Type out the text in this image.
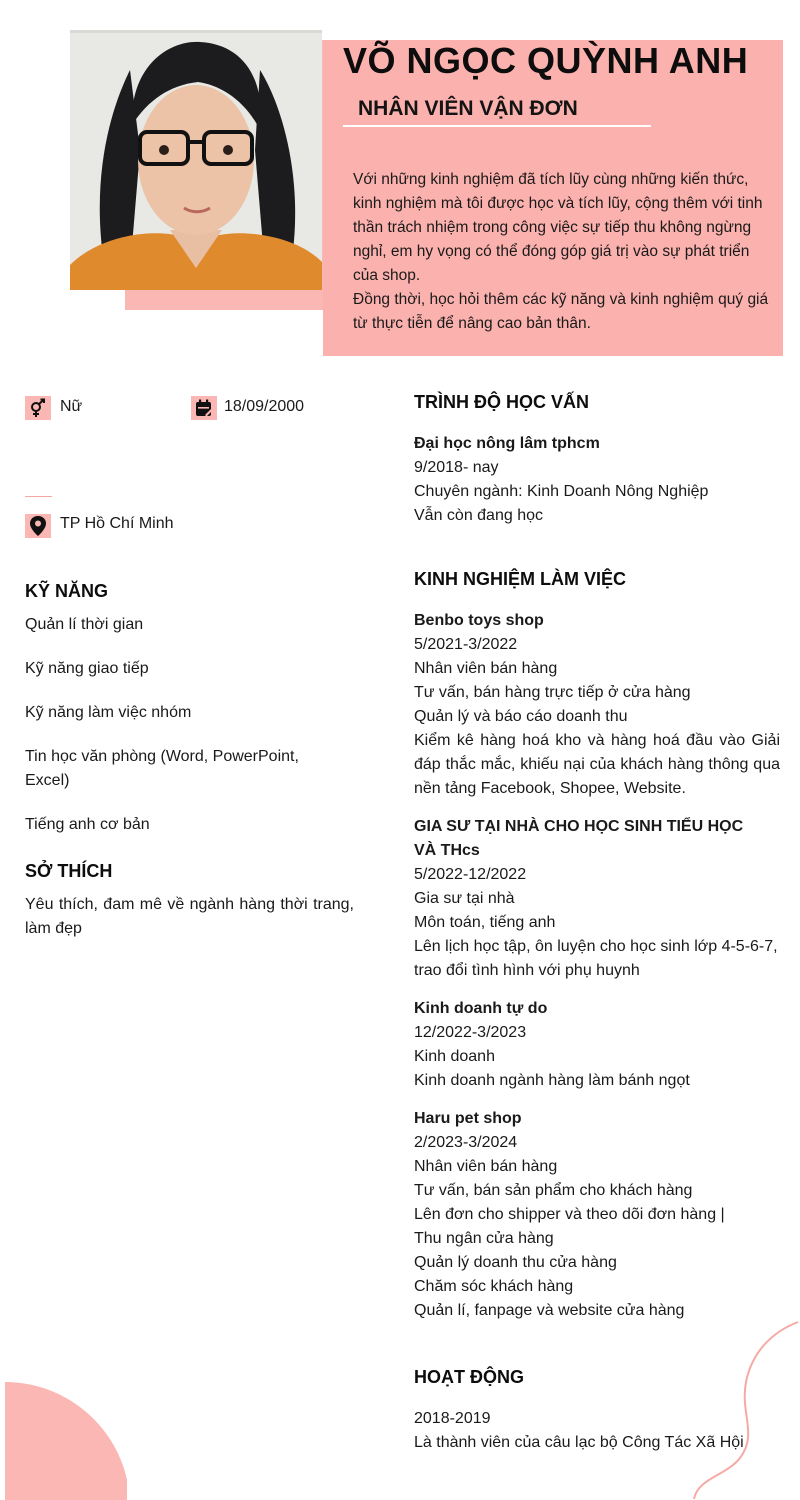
VÕ NGỌC QUỲNH ANH
NHÂN VIÊN VẬN ĐƠN

Với những kinh nghiệm đã tích lũy cùng những kiến thức, kinh nghiệm mà tôi được học và tích lũy, cộng thêm với tinh thần trách nhiệm trong công việc sự tiếp thu không ngừng nghỉ, em hy vọng có thể đóng góp giá trị vào sự phát triển của shop.

Đồng thời, học hỏi thêm các kỹ năng và kinh nghiệm quý giá từ thực tiễn để nâng cao bản thân.

Nữ	18/09/2000
TP Hồ Chí Minh
KỸ NĂNG
Quản lí thời gian
Kỹ năng giao tiếp
Kỹ năng làm việc nhóm
Tin học văn phòng (Word, PowerPoint, Excel)
Tiếng anh cơ bản
SỞ THÍCH
Yêu thích, đam mê về ngành hàng thời trang, làm đẹp
TRÌNH ĐỘ HỌC VẤN
Đại học nông lâm tphcm
9/2018- nay
Chuyên ngành: Kinh Doanh Nông Nghiệp
Vẫn còn đang học
KINH NGHIỆM LÀM VIỆC
Benbo toys shop
5/2021-3/2022
Nhân viên bán hàng
Tư vấn, bán hàng trực tiếp ở cửa hàng
Quản lý và báo cáo doanh thu
Kiểm kê hàng hoá kho và hàng hoá đầu vào Giải đáp thắc mắc, khiếu nại của khách hàng thông qua nền tảng Facebook, Shopee, Website.
GIA SƯ TẠI NHÀ CHO HỌC SINH TIỂU HỌC VÀ THcs
5/2022-12/2022
Gia sư tại nhà
Môn toán, tiếng anh
Lên lịch học tập, ôn luyện cho học sinh lớp 4-5-6-7, trao đổi tình hình với phụ huynh
Kinh doanh tự do
12/2022-3/2023
Kinh doanh
Kinh doanh ngành hàng làm bánh ngọt
Haru pet shop
2/2023-3/2024
Nhân viên bán hàng
Tư vấn, bán sản phẩm cho khách hàng
Lên đơn cho shipper và theo dõi đơn hàng | Thu ngân cửa hàng
Quản lý doanh thu cửa hàng
Chăm sóc khách hàng
Quản lí, fanpage và website cửa hàng
HOẠT ĐỘNG
2018-2019
Là thành viên của câu lạc bộ Công Tác Xã Hội
